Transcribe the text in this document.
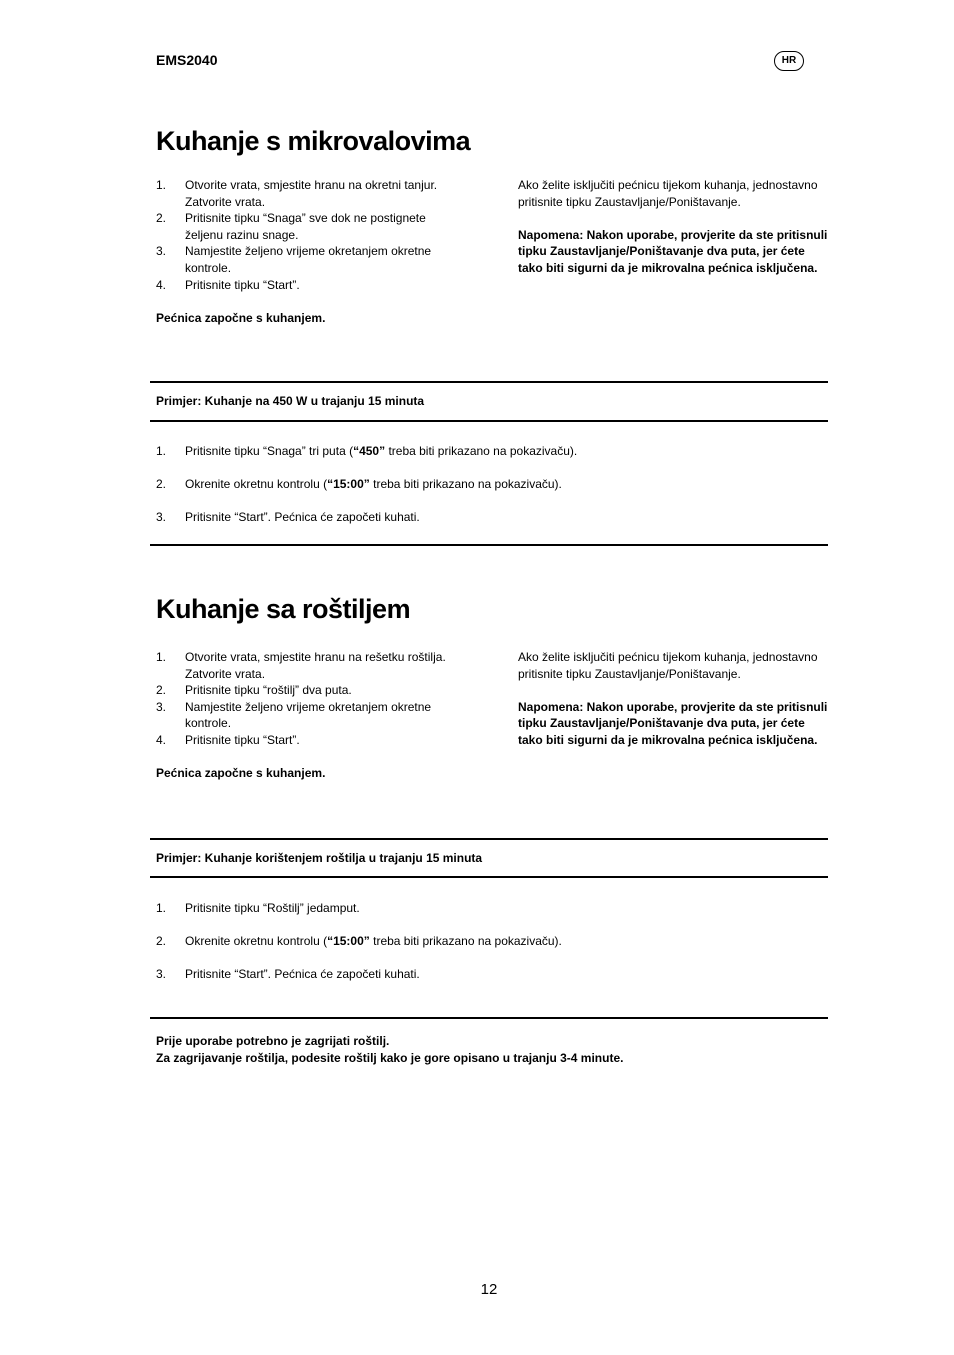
EMS2040	HR
Kuhanje s mikrovalovima
1.	Otvorite vrata, smjestite hranu na okretni tanjur. Zatvorite vrata.
2.	Pritisnite tipku “Snaga” sve dok ne postignete željenu razinu snage.
3.	Namjestite željeno vrijeme okretanjem okretne kontrole.
4.	Pritisnite tipku “Start”.
Pećnica započne s kuhanjem.
Ako želite isključiti pećnicu tijekom kuhanja, jednostavno pritisnite tipku Zaustavljanje/Poništavanje.
Napomena: Nakon uporabe, provjerite da ste pritisnuli tipku Zaustavljanje/Poništavanje dva puta, jer ćete tako biti sigurni da je mikrovalna pećnica isključena.
Primjer: Kuhanje na 450 W u trajanju 15 minuta
1.	Pritisnite tipku “Snaga” tri puta (“450” treba biti prikazano na pokazivaču).
2.	Okrenite okretnu kontrolu (“15:00” treba biti prikazano na pokazivaču).
3.	Pritisnite “Start”. Pećnica će započeti kuhati.
Kuhanje sa roštiljem
1.	Otvorite vrata, smjestite hranu na rešetku roštilja. Zatvorite vrata.
2.	Pritisnite tipku “roštilj” dva puta.
3.	Namjestite željeno vrijeme okretanjem okretne kontrole.
4.	Pritisnite tipku “Start”.
Pećnica započne s kuhanjem.
Ako želite isključiti pećnicu tijekom kuhanja, jednostavno pritisnite tipku Zaustavljanje/Poništavanje.
Napomena: Nakon uporabe, provjerite da ste pritisnuli tipku Zaustavljanje/Poništavanje dva puta, jer ćete tako biti sigurni da je mikrovalna pećnica isključena.
Primjer: Kuhanje korištenjem roštilja u trajanju 15 minuta
1.	Pritisnite tipku “Roštilj” jedamput.
2.	Okrenite okretnu kontrolu (“15:00” treba biti prikazano na pokazivaču).
3.	Pritisnite “Start”. Pećnica će započeti kuhati.
Prije uporabe potrebno je zagrijati roštilj.
Za zagrijavanje roštilja, podesite roštilj kako je gore opisano u trajanju 3-4 minute.
12
